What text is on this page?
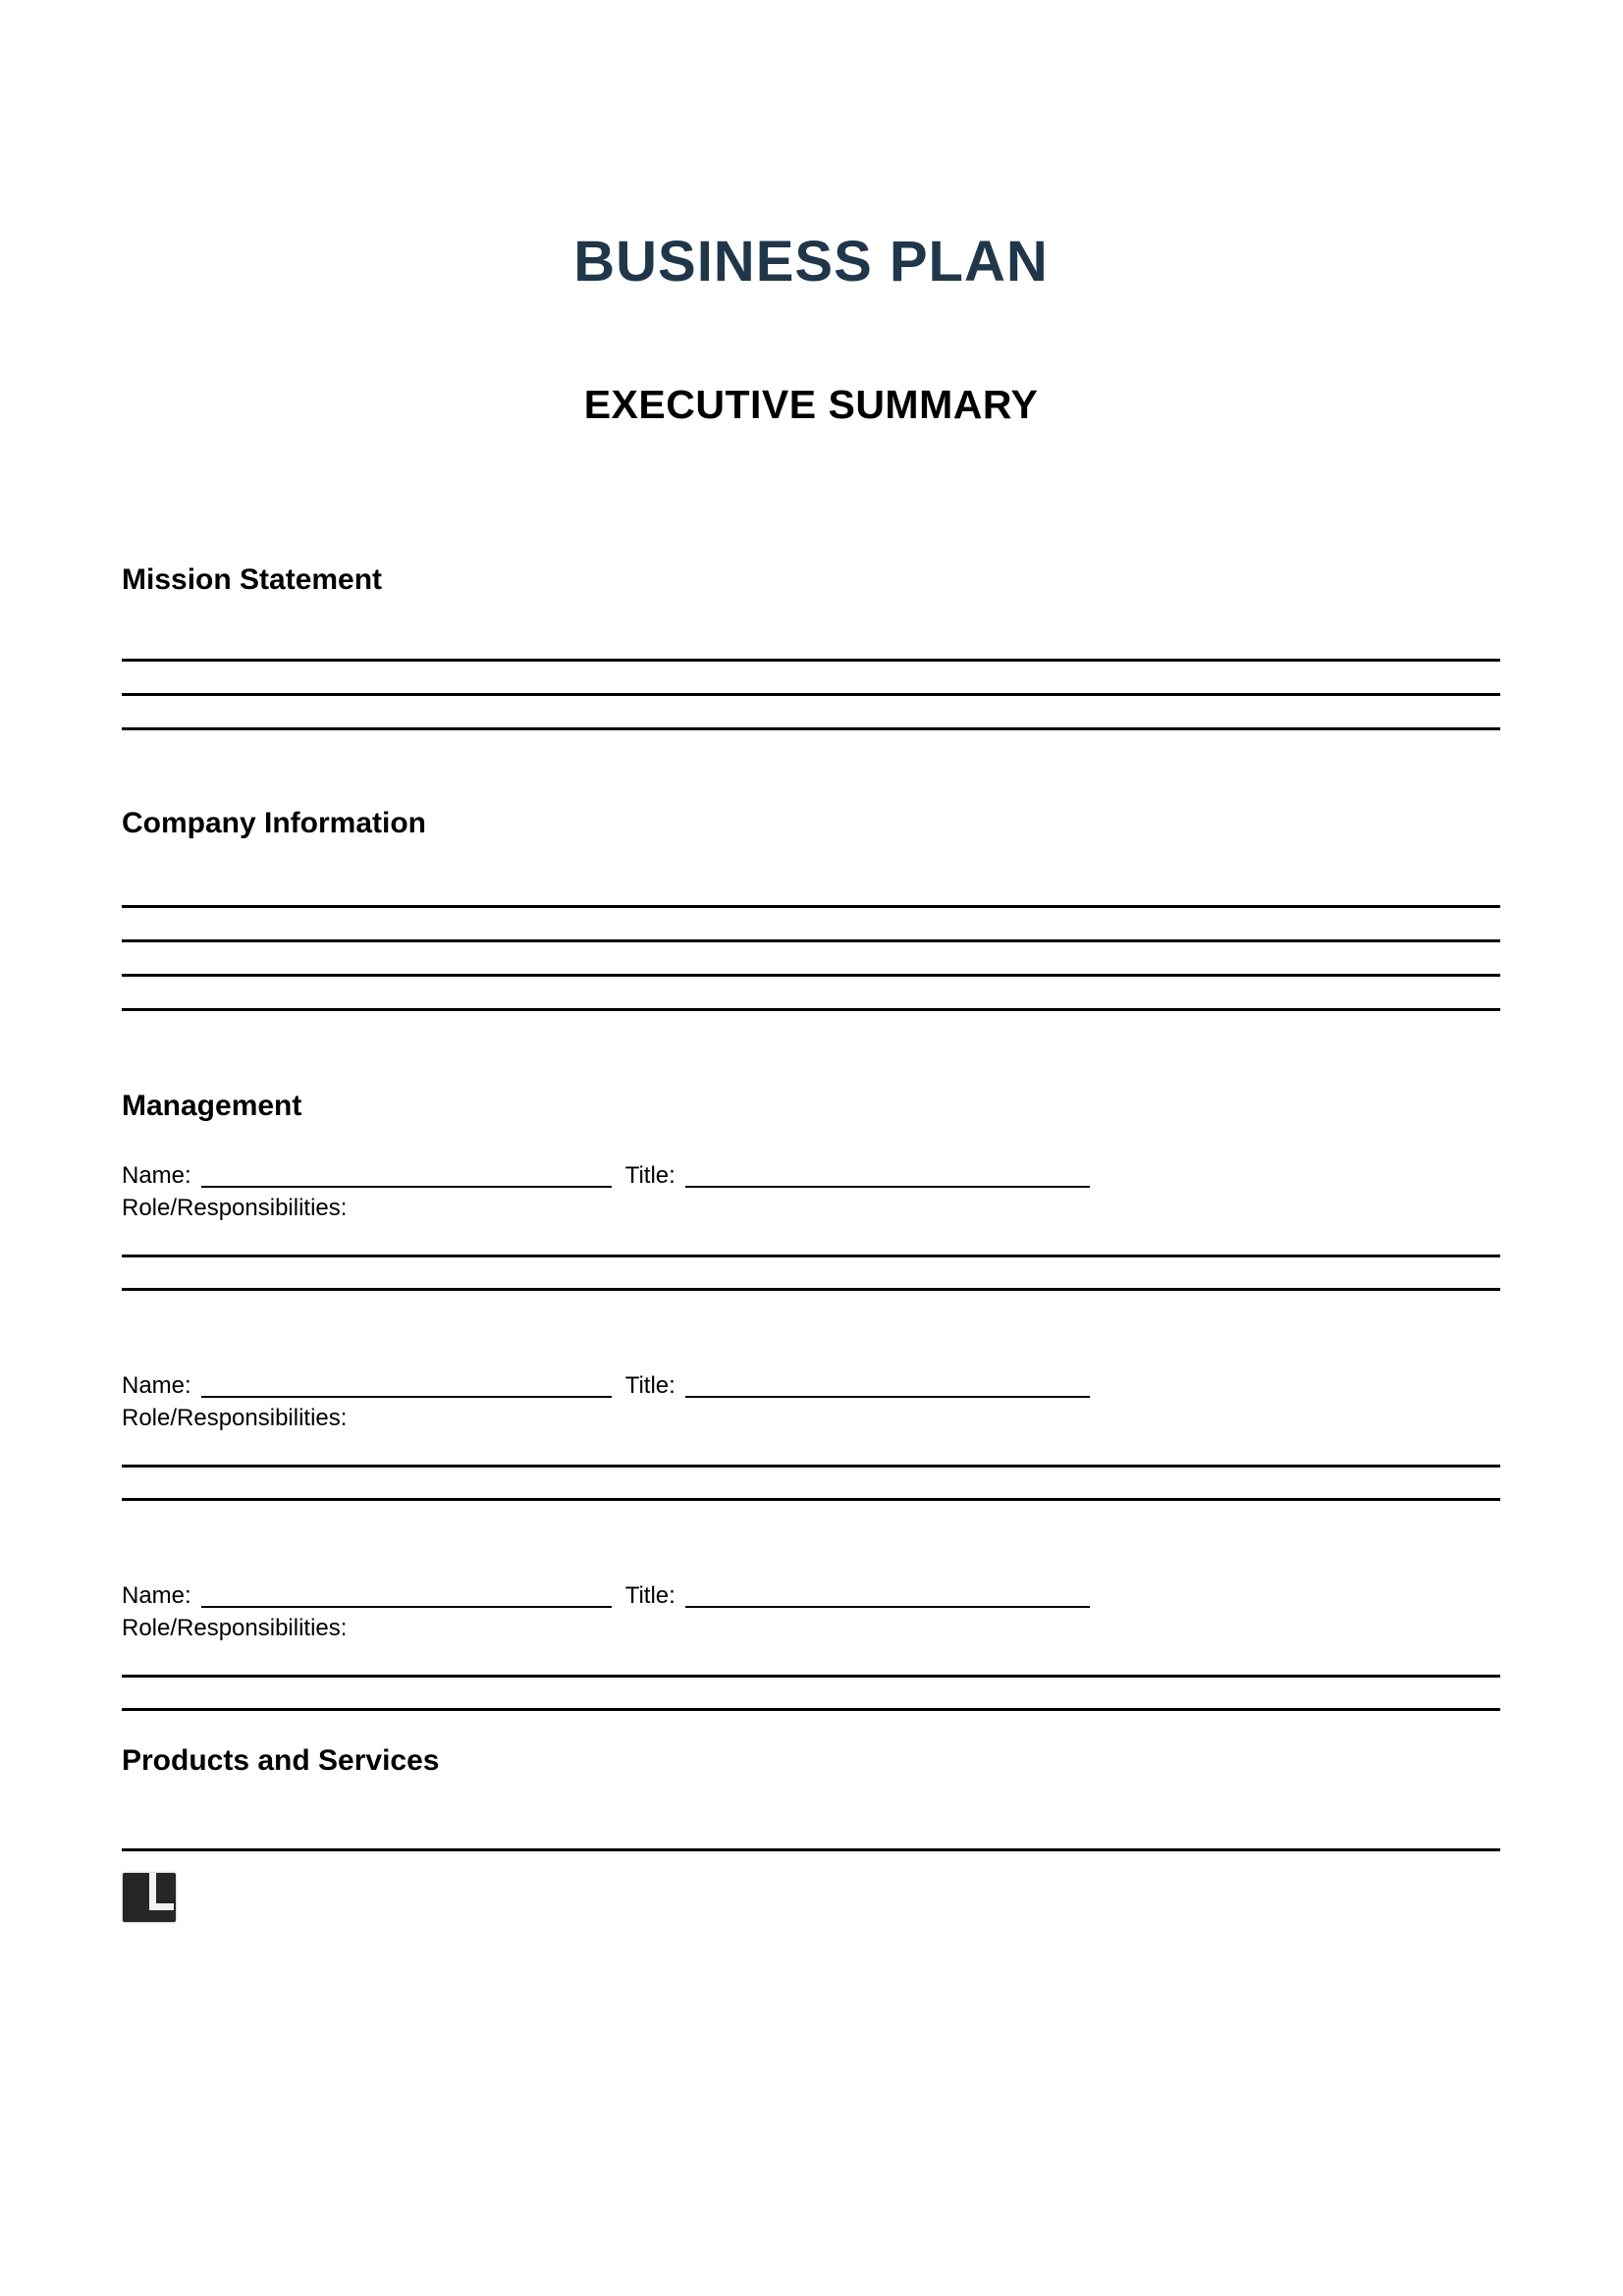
BUSINESS PLAN
EXECUTIVE SUMMARY
Mission Statement
Company Information
Management
Name:	Title:
Role/Responsibilities:
Name:	Title:
Role/Responsibilities:
Name:	Title:
Role/Responsibilities:
Products and Services
